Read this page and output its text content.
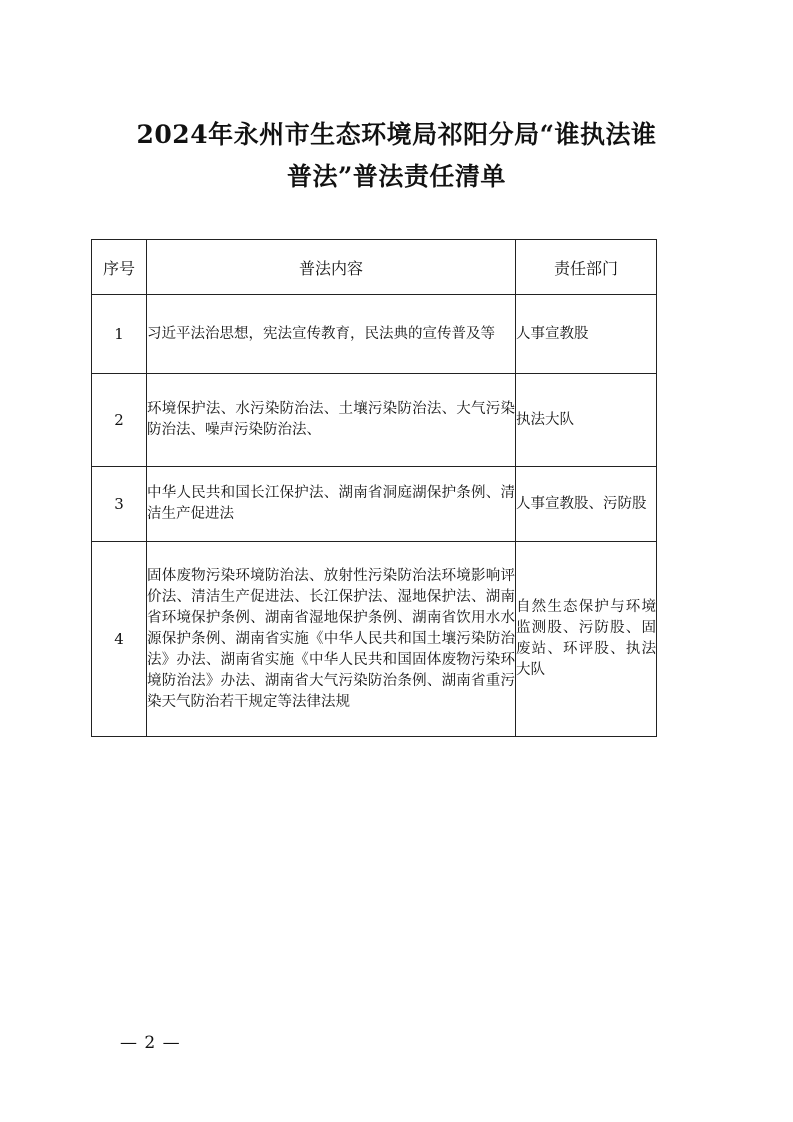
2024年永州市生态环境局祁阳分局“谁执法谁
普法”普法责任清单
序号	普法内容	责任部门
1	习近平法治思想，宪法宣传教育，民法典的宣传普及等	人事宣教股
2	环境保护法、水污染防治法、土壤污染防治法、大气污染防治法、噪声污染防治法、	执法大队
3	中华人民共和国长江保护法、湖南省洞庭湖保护条例、清洁生产促进法	人事宣教股、污防股
4	固体废物污染环境防治法、放射性污染防治法环境影响评价法、清洁生产促进法、长江保护法、湿地保护法、湖南省环境保护条例、湖南省湿地保护条例、湖南省饮用水水源保护条例、湖南省实施《中华人民共和国土壤污染防治法》办法、湖南省实施《中华人民共和国固体废物污染环境防治法》办法、湖南省大气污染防治条例、湖南省重污染天气防治若干规定等法律法规	自然生态保护与环境监测股、污防股、固废站、环评股、执法大队
— 2 —
